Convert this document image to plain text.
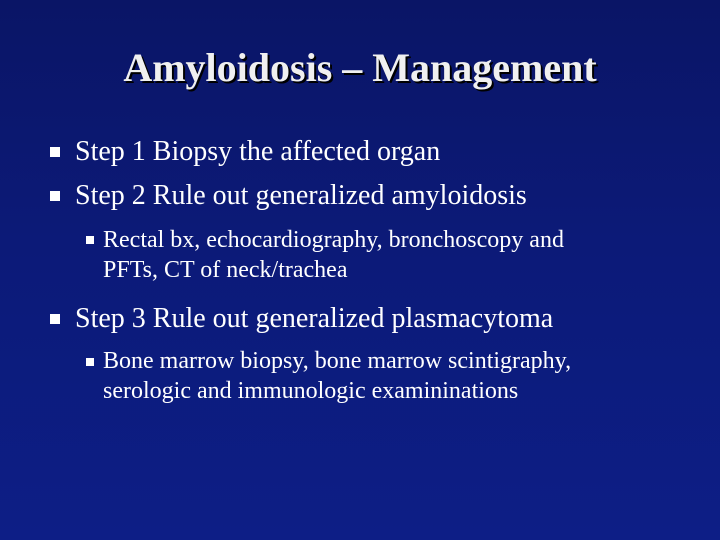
Amyloidosis – Management
Step 1 Biopsy the affected organ
Step 2 Rule out generalized amyloidosis
Rectal bx, echocardiography, bronchoscopy and
PFTs, CT of neck/trachea
Step 3 Rule out generalized plasmacytoma
Bone marrow biopsy, bone marrow scintigraphy,
serologic and immunologic examininations
